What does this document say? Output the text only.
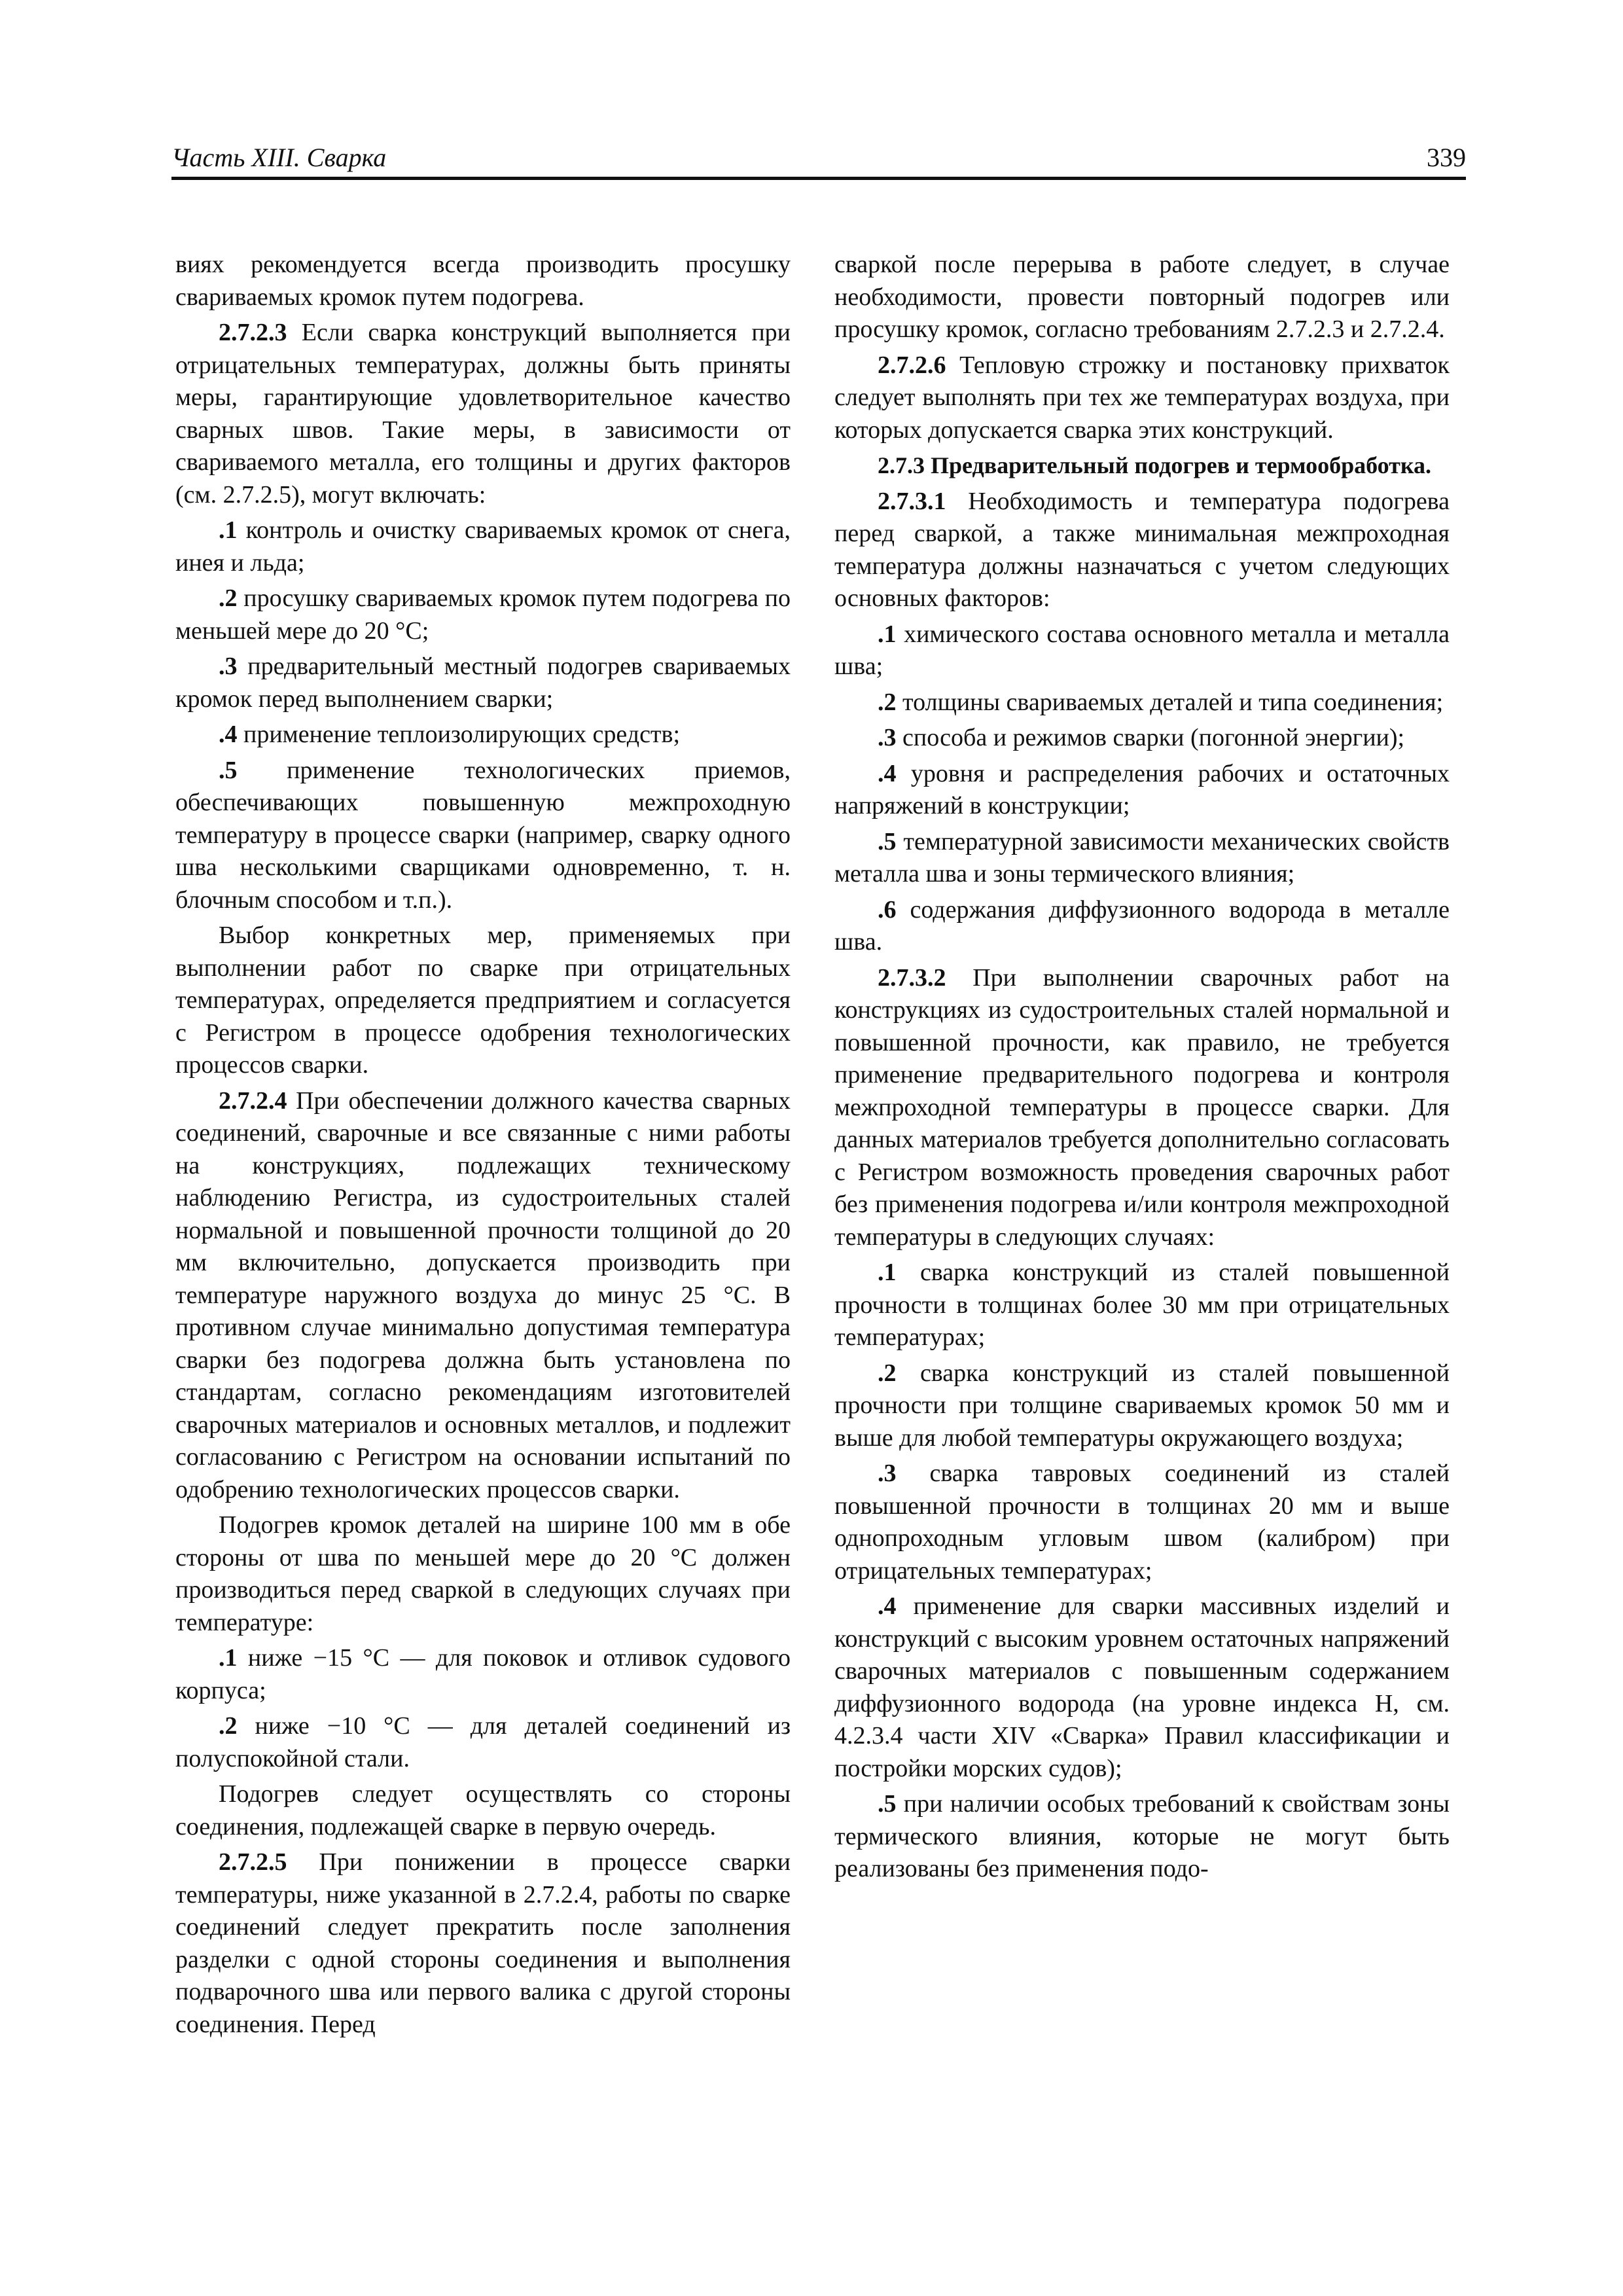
Часть XIII. Сварка	339

виях рекомендуется всегда производить просушку свариваемых кромок путем подогрева.

2.7.2.3 Если сварка конструкций выполняется при отрицательных температурах, должны быть приняты меры, гарантирующие удовлетворительное качество сварных швов. Такие меры, в зависимости от свариваемого металла, его толщины и других факторов (см. 2.7.2.5), могут включать:

.1 контроль и очистку свариваемых кромок от снега, инея и льда;

.2 просушку свариваемых кромок путем подогрева по меньшей мере до 20 °С;

.3 предварительный местный подогрев свариваемых кромок перед выполнением сварки;

.4 применение теплоизолирующих средств;

.5 применение технологических приемов, обеспечивающих повышенную межпроходную температуру в процессе сварки (например, сварку одного шва несколькими сварщиками одновременно, т. н. блочным способом и т.п.).

Выбор конкретных мер, применяемых при выполнении работ по сварке при отрицательных температурах, определяется предприятием и согласуется с Регистром в процессе одобрения технологических процессов сварки.

2.7.2.4 При обеспечении должного качества сварных соединений, сварочные и все связанные с ними работы на конструкциях, подлежащих техническому наблюдению Регистра, из судостроительных сталей нормальной и повышенной прочности толщиной до 20 мм включительно, допускается производить при температуре наружного воздуха до минус 25 °С. В противном случае минимально допустимая температура сварки без подогрева должна быть установлена по стандартам, согласно рекомендациям изготовителей сварочных материалов и основных металлов, и подлежит согласованию с Регистром на основании испытаний по одобрению технологических процессов сварки.

Подогрев кромок деталей на ширине 100 мм в обе стороны от шва по меньшей мере до 20 °С должен производиться перед сваркой в следующих случаях при температуре:

.1 ниже −15 °С — для поковок и отливок судового корпуса;

.2 ниже −10 °С — для деталей соединений из полуспокойной стали.

Подогрев следует осуществлять со стороны соединения, подлежащей сварке в первую очередь.

2.7.2.5 При понижении в процессе сварки температуры, ниже указанной в 2.7.2.4, работы по сварке соединений следует прекратить после заполнения разделки с одной стороны соединения и выполнения подварочного шва или первого валика с другой стороны соединения. Перед

сваркой после перерыва в работе следует, в случае необходимости, провести повторный подогрев или просушку кромок, согласно требованиям 2.7.2.3 и 2.7.2.4.

2.7.2.6 Тепловую строжку и постановку прихваток следует выполнять при тех же температурах воздуха, при которых допускается сварка этих конструкций.

2.7.3 Предварительный подогрев и термообработка.

2.7.3.1 Необходимость и температура подогрева перед сваркой, а также минимальная межпроходная температура должны назначаться с учетом следующих основных факторов:

.1 химического состава основного металла и металла шва;

.2 толщины свариваемых деталей и типа соединения;

.3 способа и режимов сварки (погонной энергии);

.4 уровня и распределения рабочих и остаточных напряжений в конструкции;

.5 температурной зависимости механических свойств металла шва и зоны термического влияния;

.6 содержания диффузионного водорода в металле шва.

2.7.3.2 При выполнении сварочных работ на конструкциях из судостроительных сталей нормальной и повышенной прочности, как правило, не требуется применение предварительного подогрева и контроля межпроходной температуры в процессе сварки. Для данных материалов требуется дополнительно согласовать с Регистром возможность проведения сварочных работ без применения подогрева и/или контроля межпроходной температуры в следующих случаях:

.1 сварка конструкций из сталей повышенной прочности в толщинах более 30 мм при отрицательных температурах;

.2 сварка конструкций из сталей повышенной прочности при толщине свариваемых кромок 50 мм и выше для любой температуры окружающего воздуха;

.3 сварка тавровых соединений из сталей повышенной прочности в толщинах 20 мм и выше однопроходным угловым швом (калибром) при отрицательных температурах;

.4 применение для сварки массивных изделий и конструкций с высоким уровнем остаточных напряжений сварочных материалов с повышенным содержанием диффузионного водорода (на уровне индекса Н, см. 4.2.3.4 части XIV «Сварка» Правил классификации и постройки морских судов);

.5 при наличии особых требований к свойствам зоны термического влияния, которые не могут быть реализованы без применения подо-
